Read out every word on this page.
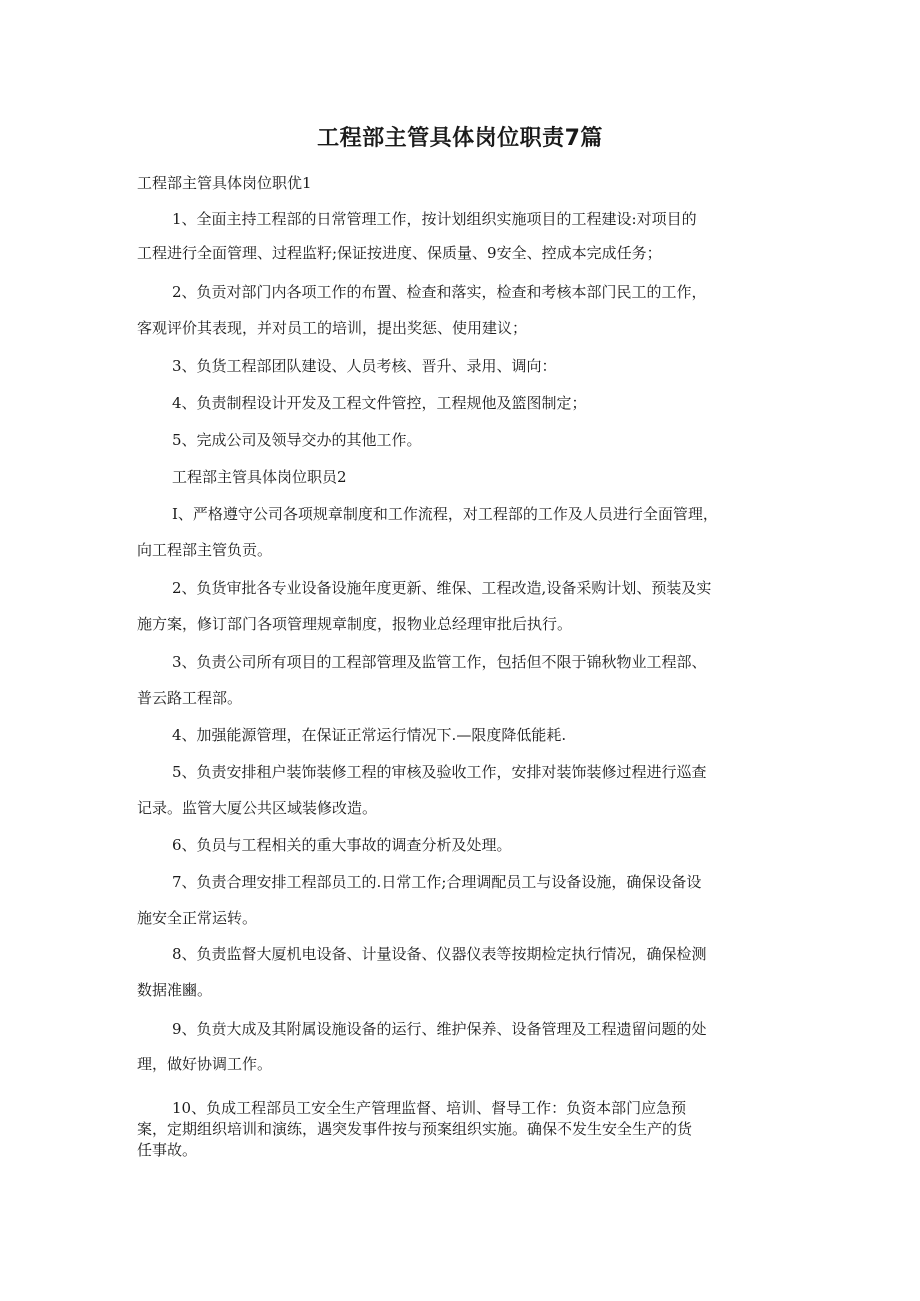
工程部主管具体岗位职责7篇

工程部主管具体岗位职优1

1、全面主持工程部的日常管理工作，按计划组织实施项目的工程建设:对项目的

工程进行全面管理、过程监籽;保证按进度、保质量、9安全、控成本完成任务；

2、负贡对部门内各项工作的布置、检查和落实，检查和考核本部门民工的工作，

客观评价其表现，并对员工的培训，提出奖惩、使用建议；

3、负货工程部团队建设、人员考核、晋升、录用、调向：

4、负责制程设计开发及工程文件管控，工程规他及篮图制定；

5、完成公司及领导交办的其他工作。

工程部主管具体岗位职员2

I、严格遵守公司各项规章制度和工作流程，对工程部的工作及人员进行全面管理，

向工程部主管负贡。

2、负货审批各专业设备设施年度更新、维保、工程改造,设备采购计划、预装及实

施方案，修订部门各项管理规章制度，报物业总经理审批后执行。

3、负责公司所有项目的工程部管理及监管工作，包括但不限于锦秋物业工程部、

普云路工程部。

4、加强能源管理，在保证正常运行情况下.—限度降低能耗.

5、负责安排租户装饰装修工程的审核及验收工作，安排对装饰装修过程进行巡查

记录。监管大厦公共区域装修改造。

6、负员与工程相关的重大事故的调查分析及处理。

7、负责合理安排工程部员工的.日常工作;合理调配员工与设备设施，确保设备设

施安全正常运转。

8、负责监督大厦机电设备、计量设备、仪器仪表等按期检定执行情况，确保检测

数据准豳。

9、负贲大成及其附属设施设备的运行、维护保养、设备管理及工程遗留问题的处

理，做好协调工作。

10、负成工程部员工安全生产管理监督、培训、督导工作：负资本部门应急预

案，定期组织培训和演练，遇突发事件按与预案组织实施。确保不发生安全生产的货

任事故。
